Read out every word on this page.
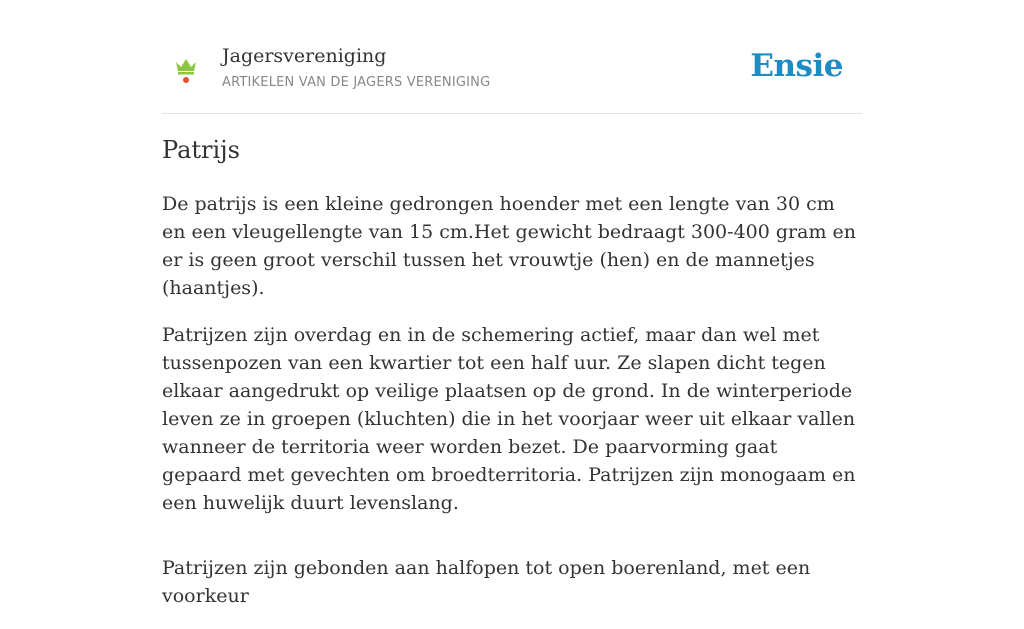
Jagersvereniging
ARTIKELEN VAN DE JAGERS VERENIGING	Ensie
Patrijs

De patrijs is een kleine gedrongen hoender met een lengte van 30 cm en een vleugellengte van 15 cm.Het gewicht bedraagt 300-400 gram en er is geen groot verschil tussen het vrouwtje (hen) en de mannetjes (haantjes).

Patrijzen zijn overdag en in de schemering actief, maar dan wel met tussenpozen van een kwartier tot een half uur. Ze slapen dicht tegen elkaar aangedrukt op veilige plaatsen op de grond. In de winterperiode leven ze in groepen (kluchten) die in het voorjaar weer uit elkaar vallen wanneer de territoria weer worden bezet. De paarvorming gaat gepaard met gevechten om broedterritoria. Patrijzen zijn monogaam en een huwelijk duurt levenslang.

Patrijzen zijn gebonden aan halfopen tot open boerenland, met een voorkeur
